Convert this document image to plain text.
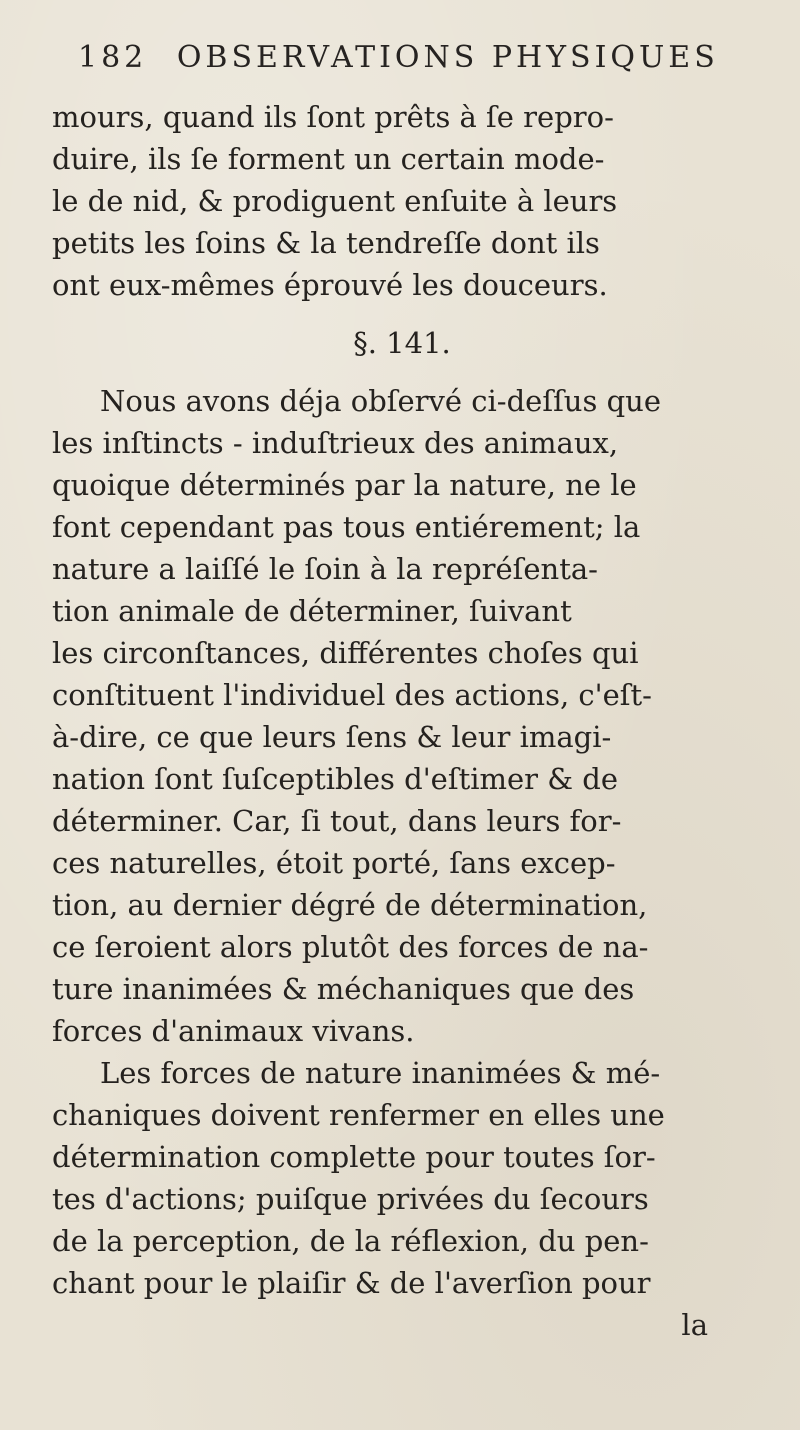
182 OBSERVATIONS PHYSIQUES
mours, quand ils ſont prêts à ſe repro-
duire, ils ſe forment un certain mode-
le de nid, & prodiguent enſuite à leurs
petits les ſoins & la tendreſſe dont ils
ont eux-mêmes éprouvé les douceurs.
§. 141.
Nous avons déja obſervé ci-deſſus que
les inſtincts - induſtrieux des animaux,
quoique déterminés par la nature, ne le
font cependant pas tous entiérement; la
nature a laiſſé le ſoin à la repréſenta-
tion animale de déterminer, ſuivant
les circonſtances, différentes choſes qui
conſtituent l'individuel des actions, c'eſt-
à-dire, ce que leurs ſens & leur imagi-
nation ſont ſuſceptibles d'eſtimer & de
déterminer. Car, ſi tout, dans leurs for-
ces naturelles, étoit porté, ſans excep-
tion, au dernier dégré de détermination,
ce ſeroient alors plutôt des forces de na-
ture inanimées & méchaniques que des
forces d'animaux vivans.
Les forces de nature inanimées & mé-
chaniques doivent renfermer en elles une
détermination complette pour toutes ſor-
tes d'actions; puiſque privées du ſecours
de la perception, de la réflexion, du pen-
chant pour le plaiſir & de l'averſion pour
la
